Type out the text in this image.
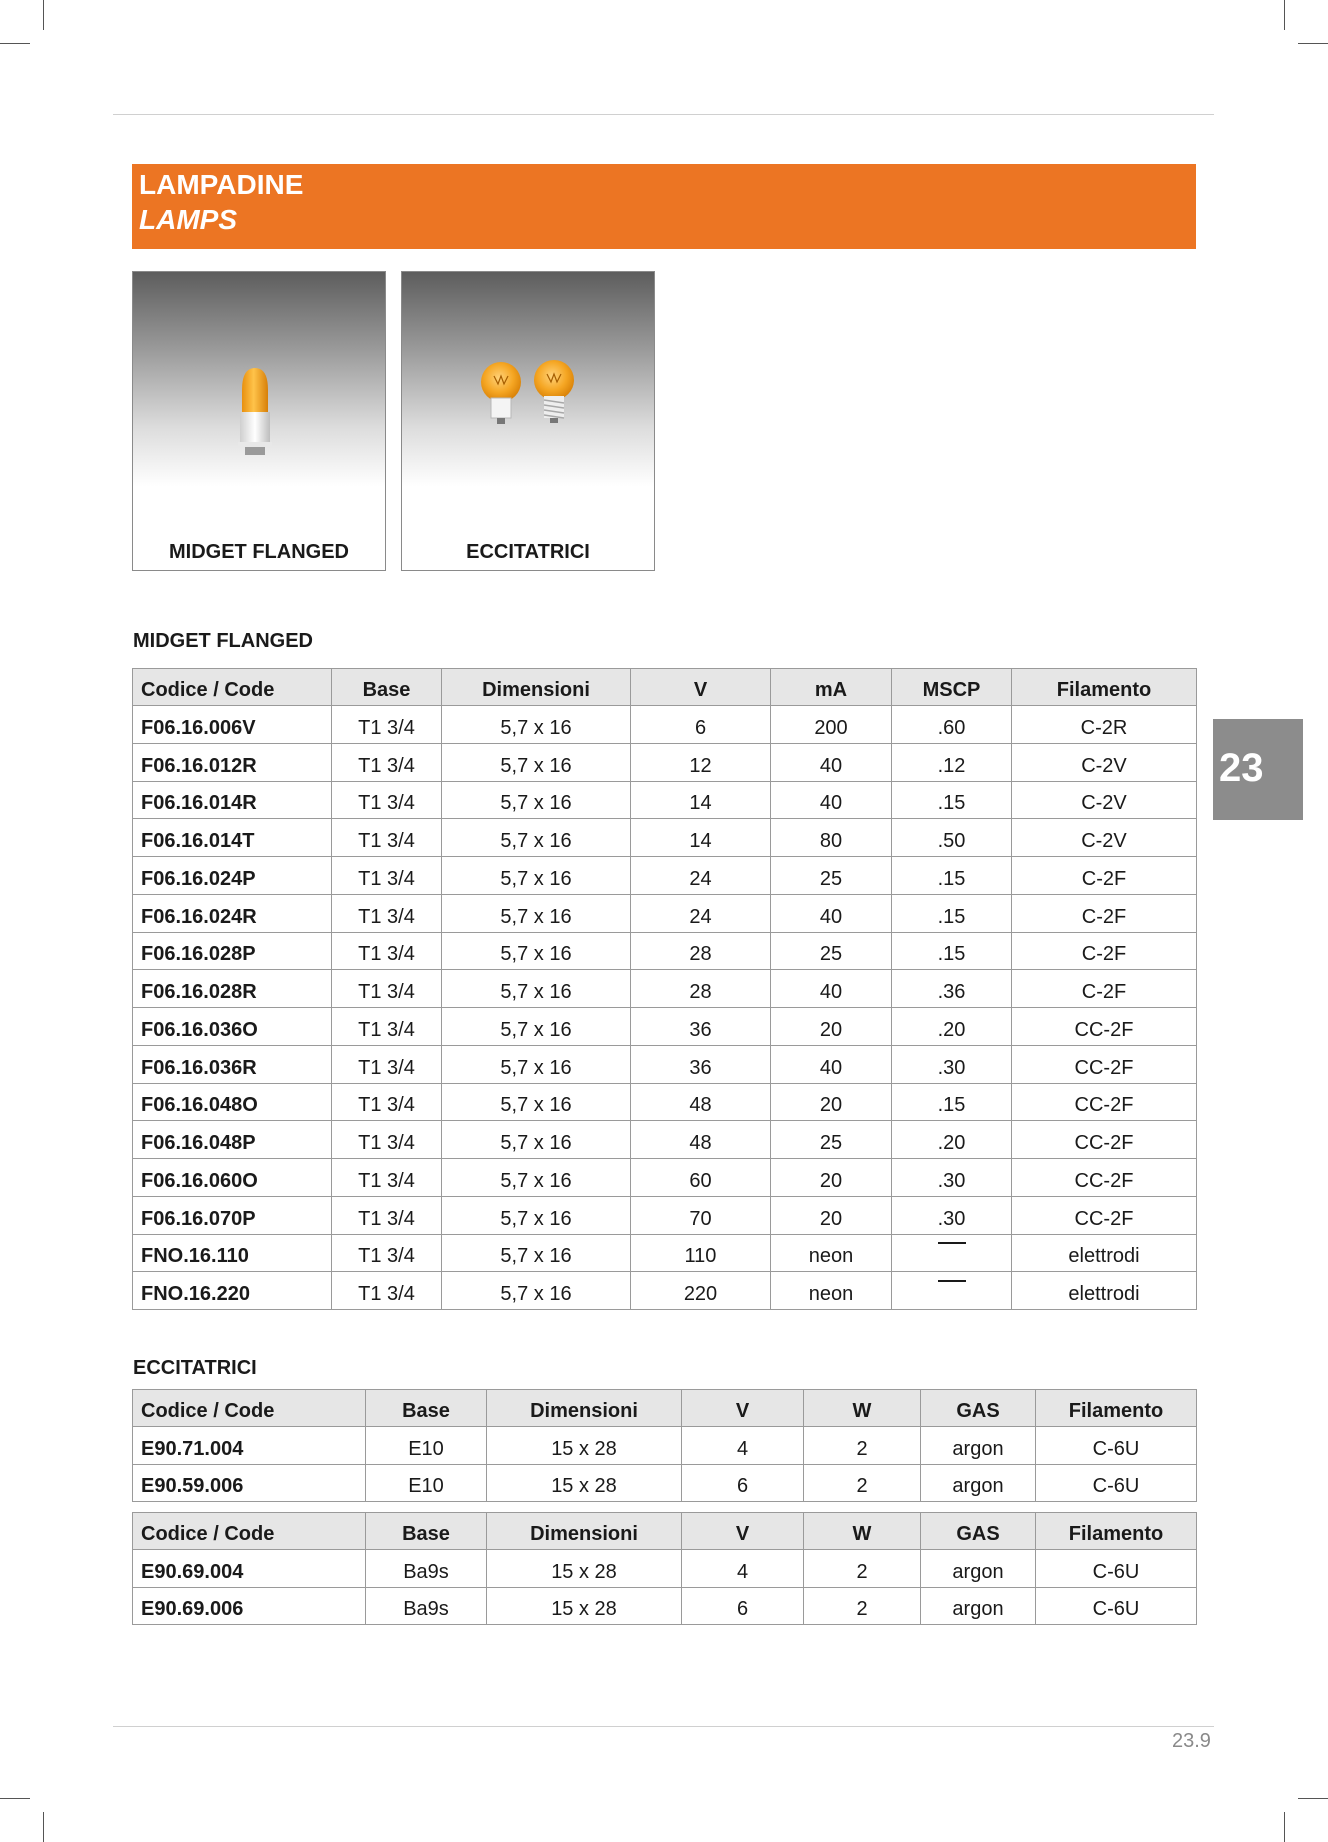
LAMPADINE
LAMPS
MIDGET FLANGED	ECCITATRICI
23
MIDGET FLANGED
Codice / Code	Base	Dimensioni	V	mA	MSCP	Filamento
F06.16.006V	T1 3/4	5,7 x 16	6	200	.60	C-2R
F06.16.012R	T1 3/4	5,7 x 16	12	40	.12	C-2V
F06.16.014R	T1 3/4	5,7 x 16	14	40	.15	C-2V
F06.16.014T	T1 3/4	5,7 x 16	14	80	.50	C-2V
F06.16.024P	T1 3/4	5,7 x 16	24	25	.15	C-2F
F06.16.024R	T1 3/4	5,7 x 16	24	40	.15	C-2F
F06.16.028P	T1 3/4	5,7 x 16	28	25	.15	C-2F
F06.16.028R	T1 3/4	5,7 x 16	28	40	.36	C-2F
F06.16.036O	T1 3/4	5,7 x 16	36	20	.20	CC-2F
F06.16.036R	T1 3/4	5,7 x 16	36	40	.30	CC-2F
F06.16.048O	T1 3/4	5,7 x 16	48	20	.15	CC-2F
F06.16.048P	T1 3/4	5,7 x 16	48	25	.20	CC-2F
F06.16.060O	T1 3/4	5,7 x 16	60	20	.30	CC-2F
F06.16.070P	T1 3/4	5,7 x 16	70	20	.30	CC-2F
FNO.16.110	T1 3/4	5,7 x 16	110	neon		elettrodi
FNO.16.220	T1 3/4	5,7 x 16	220	neon		elettrodi
ECCITATRICI
Codice / Code	Base	Dimensioni	V	W	GAS	Filamento
E90.71.004	E10	15 x 28	4	2	argon	C-6U
E90.59.006	E10	15 x 28	6	2	argon	C-6U
Codice / Code	Base	Dimensioni	V	W	GAS	Filamento
E90.69.004	Ba9s	15 x 28	4	2	argon	C-6U
E90.69.006	Ba9s	15 x 28	6	2	argon	C-6U
23.9
